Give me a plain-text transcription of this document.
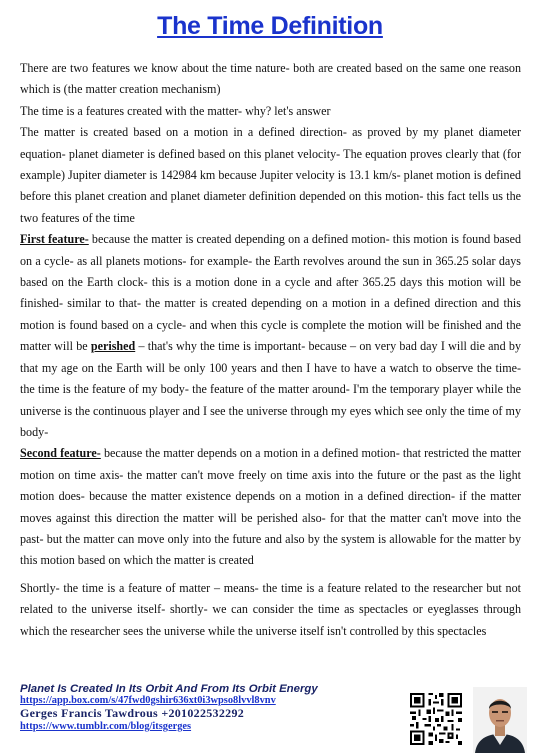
The Time Definition

There are two features we know about the time nature- both are created based on the same one reason which is (the matter creation mechanism)

The time is a features created with the matter- why? let's answer

The matter is created based on a motion in a defined direction- as proved by my planet diameter equation- planet diameter is defined based on this planet velocity- The equation proves clearly that (for example) Jupiter diameter is 142984 km because Jupiter velocity is 13.1 km/s- planet motion is defined before this planet creation and planet diameter definition depended on this motion- this fact tells us the two features of the time

First feature- because the matter is created depending on a defined motion- this motion is found based on a cycle- as all planets motions- for example- the Earth revolves around the sun in 365.25 solar days based on the Earth clock- this is a motion done in a cycle and after 365.25 days this motion will be finished- similar to that- the matter is created depending on a motion in a defined direction and this motion is found based on a cycle- and when this cycle is complete the motion will be finished and the matter will be perished – that's why the time is important- because – on very bad day I will die and by that my age on the Earth will be only 100 years and then I have to have a watch to observe the time- the time is the feature of my body- the feature of the matter around- I'm the temporary player while the universe is the continuous player and I see the universe through my eyes which see only the time of my body-

Second feature- because the matter depends on a motion in a defined motion- that restricted the matter motion on time axis- the matter can't move freely on time axis into the future or the past as the light motion does- because the matter existence depends on a motion in a defined direction- if the matter moves against this direction the matter will be perished also- for that the matter can't move into the past- but the matter can move only into the future and also by the system is allowable for the matter by this motion based on which the matter is created

Shortly- the time is a feature of matter – means- the time is a feature related to the researcher but not related to the universe itself- shortly- we can consider the time as spectacles or eyeglasses through which the researcher sees the universe while the universe itself isn't controlled by this spectacles

Planet Is Created In Its Orbit And From Its Orbit Energy
https://app.box.com/s/47fwd0gshir636xt0i3wpso8lvvl8vnv
Gerges Francis Tawdrous +201022532292
https://www.tumblr.com/blog/itsgerges
